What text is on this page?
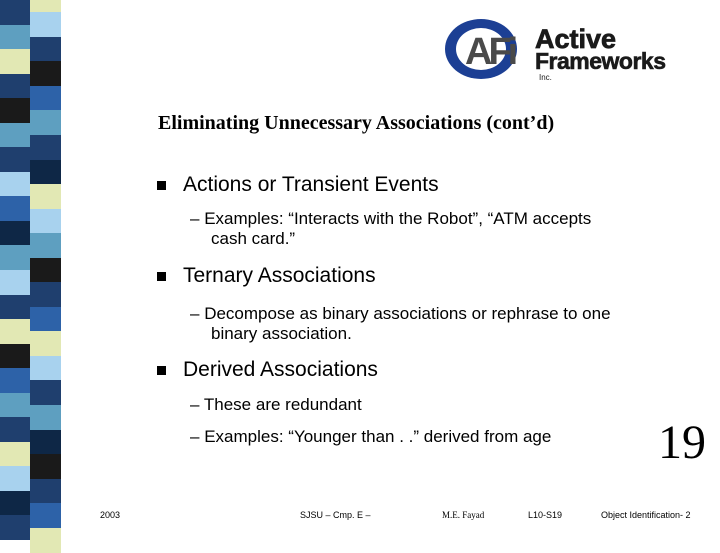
AFi Active
Frameworks
Inc.
Eliminating Unnecessary Associations (cont’d)
Actions or Transient Events
– Examples: “Interacts with the Robot”, “ATM accepts cash card.”
Ternary Associations
– Decompose as binary associations or rephrase to one binary association.
Derived Associations
– These are redundant
– Examples: “Younger than . .” derived from age 19
2003	SJSU – Cmp. E –	M.E. Fayad	L10-S19	Object Identification- 2
